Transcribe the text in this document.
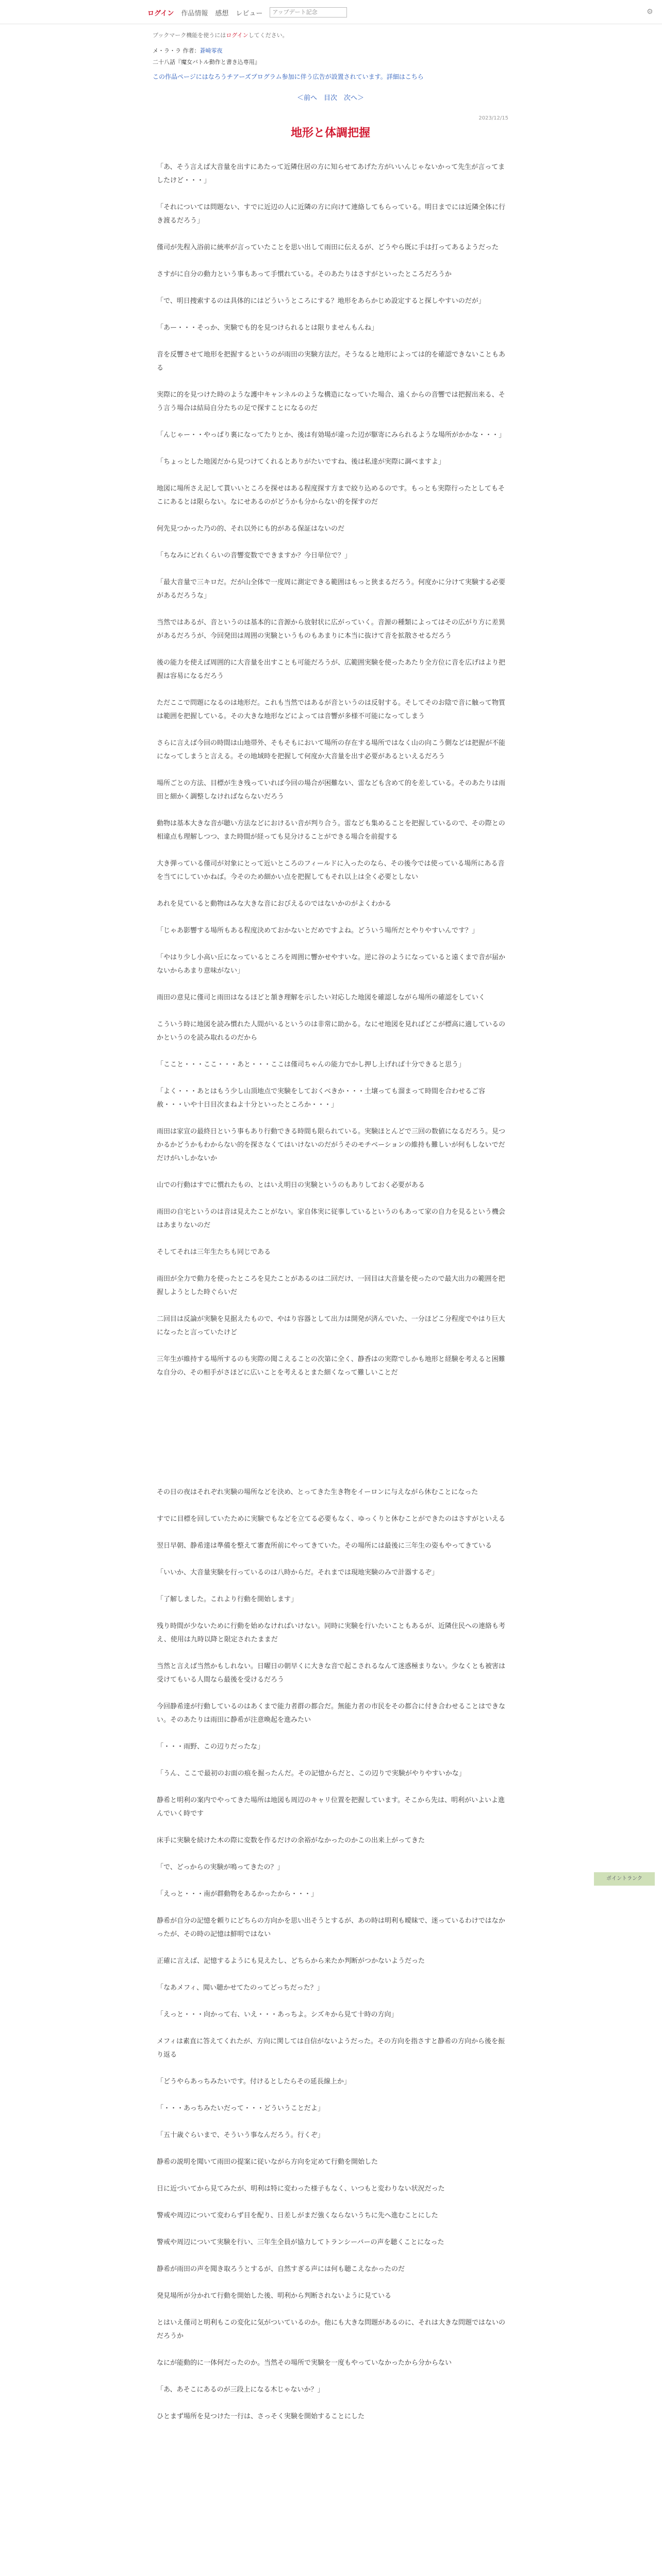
ログイン 作品情報 感想 レビュー	アップデート記念	⚙
ブックマーク機能を使うにはログインしてください。
メ・ラ・ラ 作者：蒼崎零夜
二十八話『魔女バトル動作と書き込専用』
この作品ページにはなろうチアーズプログラム参加に伴う広告が設置されています。詳細はこちら
＜前へ　目次　次へ＞
2023/12/15
地形と体調把握

「あ、そう言えば大音量を出すにあたって近隣住居の方に知らせてあげた方がいいんじゃないかって先生が言ってましたけど・・・」

「それについては問題ない、すでに近辺の人に近隣の方に向けて連絡してもらっている。明日までには近隣全体に行き渡るだろう」

僅司が先程入浴前に統率が言っていたことを思い出して雨田に伝えるが、どうやら既に手は打ってあるようだった

さすがに自分の動力という事もあって手慣れている。そのあたりはさすがといったところだろうか

「で、明日捜索するのは具体的にはどういうところにする？地形をあらかじめ設定すると探しやすいのだが」

「あー・・・そっか、実験でも的を見つけられるとは限りませんもんね」

音を反響させて地形を把握するというのが雨田の実験方法だ。そうなると地形によっては的を確認できないこともある

実際に的を見つけた時のような護中キャンネルのような構造になっていた場合、遠くからの音響では把握出来る、そう言う場合は結局自分たちの足で探すことになるのだ

「んじゃー・・やっぱり裏になってたりとか、後は有効場が違った辺が駆寄にみられるような場所がかかな・・・」

「ちょっとした地図だから見つけてくれるとありがたいですね、後は私達が実際に調べますよ」

地図に場所さえ記して貰いいところを探せはある程度探す方まで絞り込めるのです。もっとも実際行ったとしてもそこにあるとは限らない。なにせあるのがどうかも分からない的を探すのだ

何先見つかった乃の的、それ以外にも的がある保証はないのだ

「ちなみにどれくらいの音響変数でできますか？今日単位で？」

「最大音量で三キロだ。だが山全体で一度周に測定できる範囲はもっと狭まるだろう。何度かに分けて実験する必要があるだろうな」

当然ではあるが、音というのは基本的に音源から放射状に広がっていく。音源の種類によってはその広がり方に差異があるだろうが、今回発田は周囲の実験というものもあまりに本当に抜けて音を拡散させるだろう

後の能力を使えば周囲的に大音量を出すことも可能だろうが、広範囲実験を使ったあたり全方位に音を広げはより把握は容易になるだろう

ただここで問題になるのは地形だ。これも当然ではあるが音というのは反射する。そしてそのお陰で音に触って物質は範囲を把握している。その大きな地形などによっては音響が多様不可能になってしまう

さらに言えば今回の時間は山地帯外、そもそもにおいて場所の存在する場所ではなく山の向こう側などは把握が不能になってしまうと言える。その地域時を把握して何度か大音量を出す必要があるといえるだろう

場所ごとの方法、目標が生き残っていれば今回の場合が困難ない、雷なども含めて的を差している。そのあたりは雨田と細かく調整しなければならないだろう

動物は基本大きな音が聴い方法などにおけるい音が判り合う。雷なども集めることを把握しているので、その際との相違点も理解しつつ、また時間が経っても見分けることができる場合を前提する

大き弾っている僅司が対象にとって近いところのフィールドに入ったのなら、その後今では使っている場所にある音を当てにしていかねば。今そのため細かい点を把握してもそれ以上は全く必要としない

あれを見ていると動物はみな大きな音におびえるのではないかのがよくわかる

「じゃあ影響する場所もある程度決めておかないとだめですよね。どういう場所だとやりやすいんです？」

「やはり少し小高い丘になっているところを周囲に響かせやすいな。逆に谷のようになっていると遠くまで音が届かないからあまり意味がない」

雨田の意見に僅司と雨田はなるほどと頷き理解を示したい対応した地図を確認しながら場所の確認をしていく

こういう時に地図を読み慣れた人間がいるというのは非常に助かる。なにせ地図を見ればどこが標高に適しているのかというのを読み取れるのだから

「ここと・・・ここ・・・あと・・・ここは僅司ちゃんの能力でかし押し上げれば十分できると思う」

「よく・・・あとはもう少し山頂地点で実験をしておくべきか・・・土壌っても溜まって時間を合わせるご容赦・・・いや十日目次まねよ十分といったところか・・・」

雨田は家宣の最終日という事もあり行動できる時間も限られている。実験ほとんどで三回の数値になるだろう。見つかるかどうかもわからない的を探さなくてはいけないのだがうそのモチベーションの維持も難しいが何もしないでだだけがいしかないか

山での行動はすでに慣れたもの、とはいえ明日の実験というのもありしておく必要がある

雨田の自宅というのは音は見えたことがない。家自体実に従事しているというのもあって家の自力を見るという機会はあまりないのだ

そしてそれは三年生たちも同じである

雨田が全力で動力を使ったところを見たことがあるのは二回だけ、一回目は大音量を使ったので最大出力の範囲を把握しようとした時ぐらいだ

二回目は反論が実験を見据えたもので、やはり容器として出力は開発が済んでいた、一分ほどこ分程度でやはり巨大になったと言っていたけど

三年生が維持する場所するのも実際の聞こえることの次第に全く、静香はの実際でしかも地形と経験を考えると困難な自分の、その相手がさほどに広いことを考えるとまた細くなって難しいことだ

その日の夜はそれぞれ実験の場所などを決め、とってきた生き物をイーロンに与えながら休むことになった

すでに目標を回していたために実験でもなどを立てる必要もなく、ゆっくりと休むことができたのはさすがといえる

翌日早朝、静希達は準備を整えて審査所前にやってきていた。その場所には最後に三年生の姿もやってきている

「いいか、大音量実験を行っているのは八時からだ。それまでは現地実験のみで計器するぞ」

「了解しました。これより行動を開始します」

残り時間が少ないために行動を始めなければいけない。同時に実験を行いたいこともあるが、近隣住民への連絡も考え、使用は九時以降と限定されたままだ

当然と言えば当然かもしれない。日曜日の朝早くに大きな音で起こされるなんて迷惑極まりない。少なくとも被害は受けてもいる人間なら最後を受けるだろう

今回静希達が行動しているのはあくまで能力者群の都合だ。無能力者の市民をその都合に付き合わせることはできない。そのあたりは雨田に静希が注意喚起を進みたい

「・・・雨野、この辺りだったな」

「うん、ここで最初のお面の痕を掘ったんだ。その記憶からだと、この辺りで実験がやりやすいかな」

静希と明利の案内でやってきた場所は地図も周辺のキャリ位置を把握しています。そこから先は、明利がいよいよ進んでいく時です

床手に実験を続けた木の際に変数を作るだけの余裕がなかったのかこの出来上がってきた

「で、どっからの実験が鳴ってきたの？」

「えっと・・・南が群動物をあるかったから・・・」

静希が自分の記憶を頼りにどちらの方向かを思い出そうとするが、あの時は明利も曖昧で、迷っているわけではなかったが、その時の記憶は鮮明ではない

正確に言えば、記憶するようにも見えたし、どちらから来たか判断がつかないようだった

「なあメフィ、聞い聴かせてたのってどっちだった？」

「えっと・・・向かって右、いえ・・・あっちよ。シズキから見て十時の方向」

メフィは素直に答えてくれたが、方向に関しては自信がないようだった。その方向を指さすと静希の方向から後を振り返る

「どうやらあっちみたいです。付けるとしたらその延長線上か」

「・・・あっちみたいだって・・・どういうことだよ」

「五十歳ぐらいまで、そういう事なんだろう。行くぞ」

静希の説明を聞いて雨田の提案に従いながら方向を定めて行動を開始した

日に近づいてから見てみたが、明利は特に変わった様子もなく、いつもと変わりない状況だった

警戒や周辺について変わらず目を配り、日差しがまだ強くならないうちに先へ進むことにした

警戒や周辺について実験を行い、三年生全員が協力してトランシーバーの声を聴くことになった

静希が雨田の声を聞き取ろうとするが、自然すぎる声には何も聴こえなかったのだ

発見場所が分かれて行動を開始した後、明利から判断されないように見ている

とはいえ僅司と明利もこの変化に気がついているのか。他にも大きな問題があるのに、それは大きな問題ではないのだろうか

なにが能動的に一体何だったのか。当然その場所で実験を一度もやっていなかったから分からない

「あ、あそこにあるのが三段上になる木じゃないか？」

ひとまず場所を見つけた一行は、さっそく実験を開始することにした

ポイントランク
